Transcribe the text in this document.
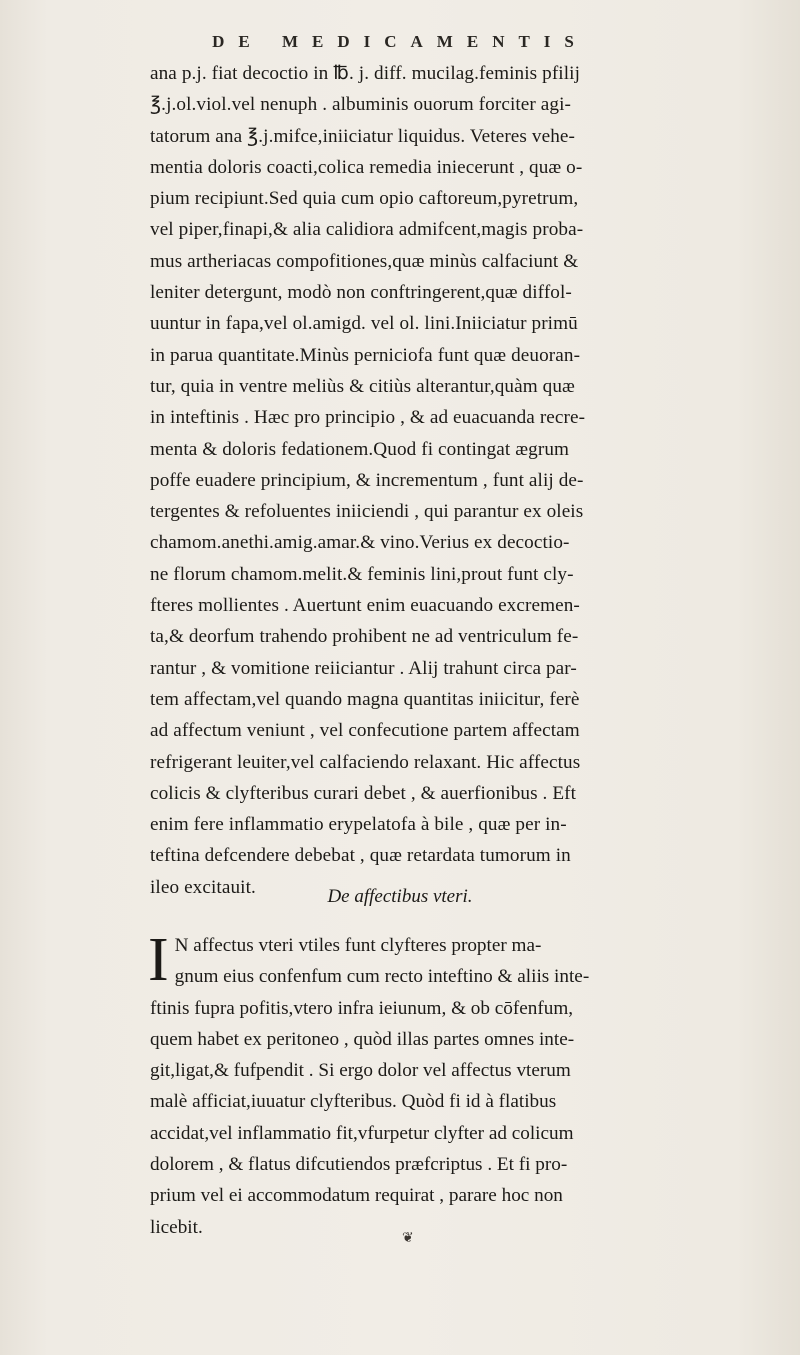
DE MEDICAMENTIS
ana p.j. fiat decoctio in ℔. j. diff. mucilag.feminis pfilij
℥.j.ol.viol.vel nenuph . albuminis ouorum forciter agi-
tatorum ana ℥.j.mifce,iniiciatur liquidus. Veteres vehe-
mentia doloris coacti,colica remedia iniecerunt , quæ o-
pium recipiunt.Sed quia cum opio caftoreum,pyretrum,
vel piper,finapi,& alia calidiora admifcent,magis proba-
mus artheriacas compofitiones,quæ minùs calfaciunt &
leniter detergunt, modò non conftringerent,quæ diffol-
uuntur in fapa,vel ol.amigd. vel ol. lini.Iniiciatur primū
in parua quantitate.Minùs perniciofa funt quæ deuoran-
tur, quia in ventre meliùs & citiùs alterantur,quàm quæ
in inteftinis . Hæc pro principio , & ad euacuanda recre-
menta & doloris fedationem.Quod fi contingat ægrum
poffe euadere principium, & incrementum , funt alij de-
tergentes & refoluentes iniiciendi , qui parantur ex oleis
chamom.anethi.amig.amar.& vino.Verius ex decoctio-
ne florum chamom.melit.& feminis lini,prout funt cly-
fteres mollientes . Auertunt enim euacuando excremen-
ta,& deorfum trahendo prohibent ne ad ventriculum fe-
rantur , & vomitione reiiciantur . Alij trahunt circa par-
tem affectam,vel quando magna quantitas iniicitur, ferè
ad affectum veniunt , vel confecutione partem affectam
refrigerant leuiter,vel calfaciendo relaxant. Hic affectus
colicis & clyfteribus curari debet , & auerfionibus . Eft
enim fere inflammatio erypelatofa à bile , quæ per in-
teftina defcendere debebat , quæ retardata tumorum in
ileo excitauit.	De affectibus vteri.
I N affectus vteri vtiles funt clyfteres propter ma-
gnum eius confenfum cum recto inteftino & aliis inte-
ftinis fupra pofitis,vtero infra ieiunum, & ob cōfenfum,
quem habet ex peritoneo , quòd illas partes omnes inte-
git,ligat,& fufpendit . Si ergo dolor vel affectus vterum
malè afficiat,iuuatur clyfteribus. Quòd fi id à flatibus
accidat,vel inflammatio fit,vfurpetur clyfter ad colicum
dolorem , & flatus difcutiendos præfcriptus . Et fi pro-
prium vel ei accommodatum requirat , parare hoc non
licebit.
❦
